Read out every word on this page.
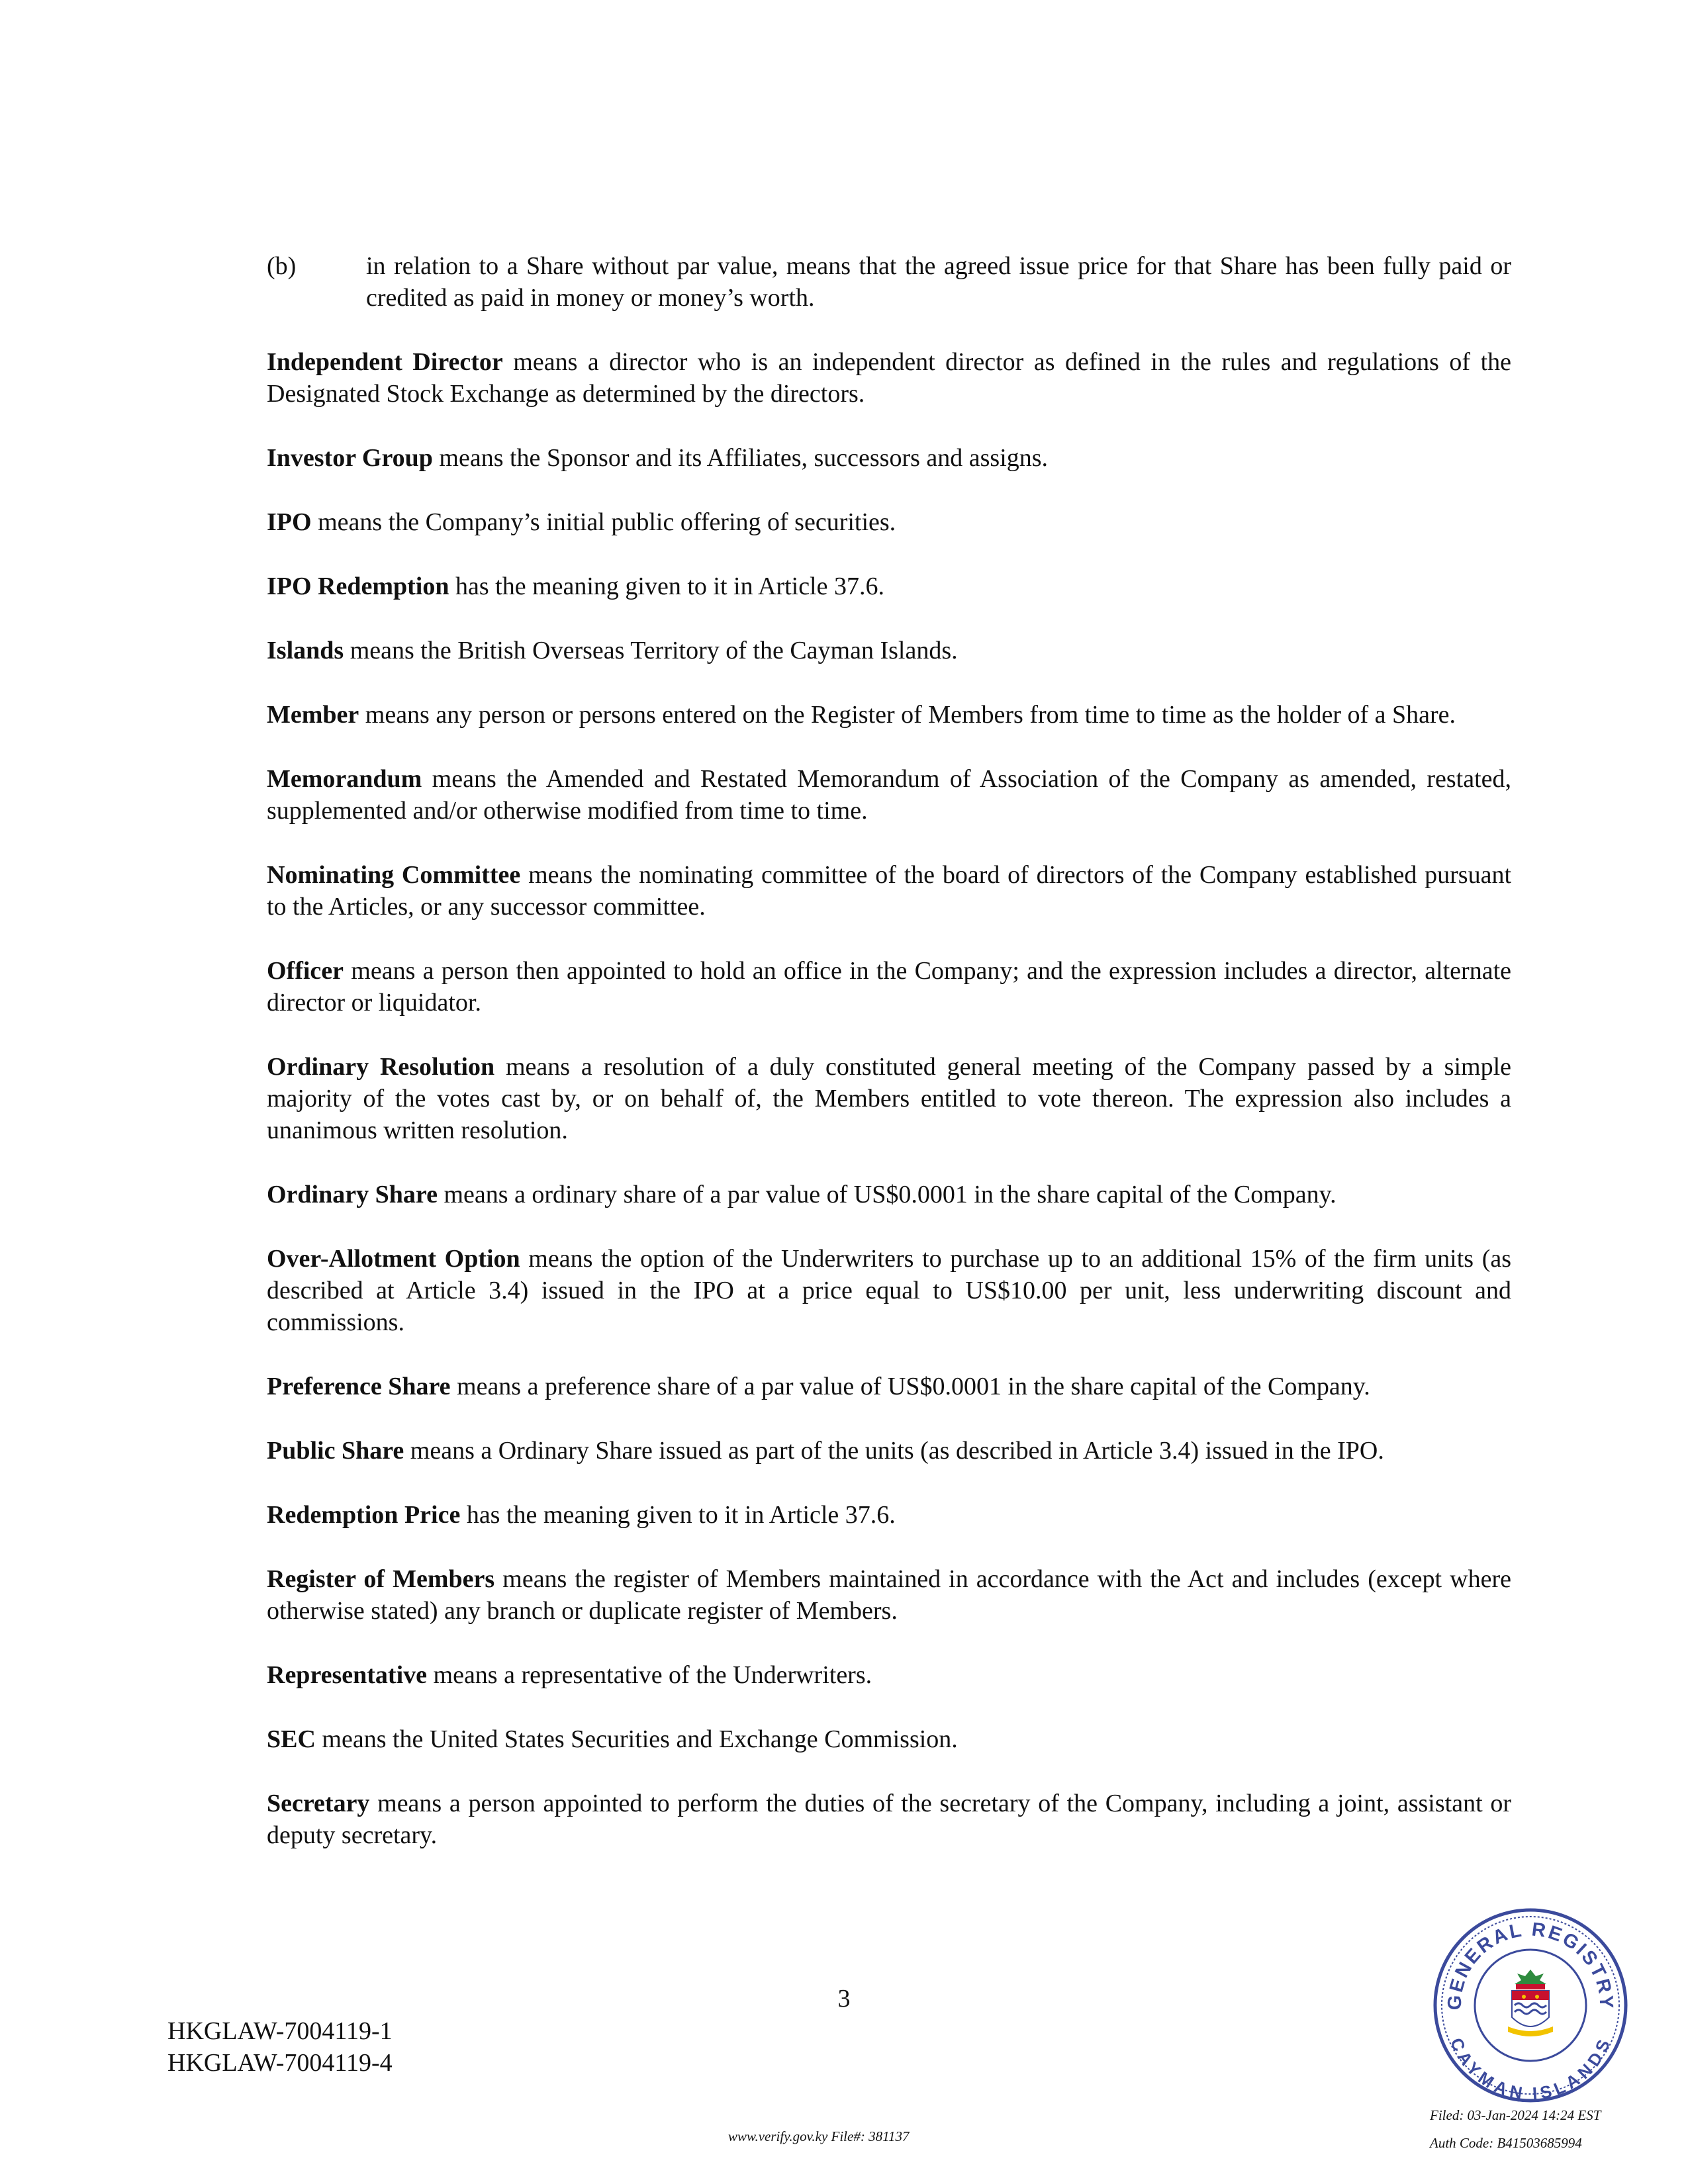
(b)	in relation to a Share without par value, means that the agreed issue price for that Share has been fully paid or credited as paid in money or money’s worth.

Independent Director means a director who is an independent director as defined in the rules and regulations of the Designated Stock Exchange as determined by the directors.

Investor Group means the Sponsor and its Affiliates, successors and assigns.

IPO means the Company’s initial public offering of securities.

IPO Redemption has the meaning given to it in Article 37.6.

Islands means the British Overseas Territory of the Cayman Islands.

Member means any person or persons entered on the Register of Members from time to time as the holder of a Share.

Memorandum means the Amended and Restated Memorandum of Association of the Company as amended, restated, supplemented and/or otherwise modified from time to time.

Nominating Committee means the nominating committee of the board of directors of the Company established pursuant to the Articles, or any successor committee.

Officer means a person then appointed to hold an office in the Company; and the expression includes a director, alternate director or liquidator.

Ordinary Resolution means a resolution of a duly constituted general meeting of the Company passed by a simple majority of the votes cast by, or on behalf of, the Members entitled to vote thereon. The expression also includes a unanimous written resolution.

Ordinary Share means a ordinary share of a par value of US$0.0001 in the share capital of the Company.

Over-Allotment Option means the option of the Underwriters to purchase up to an additional 15% of the firm units (as described at Article 3.4) issued in the IPO at a price equal to US$10.00 per unit, less underwriting discount and commissions.

Preference Share means a preference share of a par value of US$0.0001 in the share capital of the Company.

Public Share means a Ordinary Share issued as part of the units (as described in Article 3.4) issued in the IPO.

Redemption Price has the meaning given to it in Article 37.6.

Register of Members means the register of Members maintained in accordance with the Act and includes (except where otherwise stated) any branch or duplicate register of Members.

Representative means a representative of the Underwriters.

SEC means the United States Securities and Exchange Commission.

Secretary means a person appointed to perform the duties of the secretary of the Company, including a joint, assistant or deputy secretary.

3
HKGLAW-7004119-1
HKGLAW-7004119-4
GENERAL REGISTRY
CAYMAN ISLANDS
Filed: 03-Jan-2024 14:24 EST
Auth Code: B41503685994
www.verify.gov.ky File#: 381137
